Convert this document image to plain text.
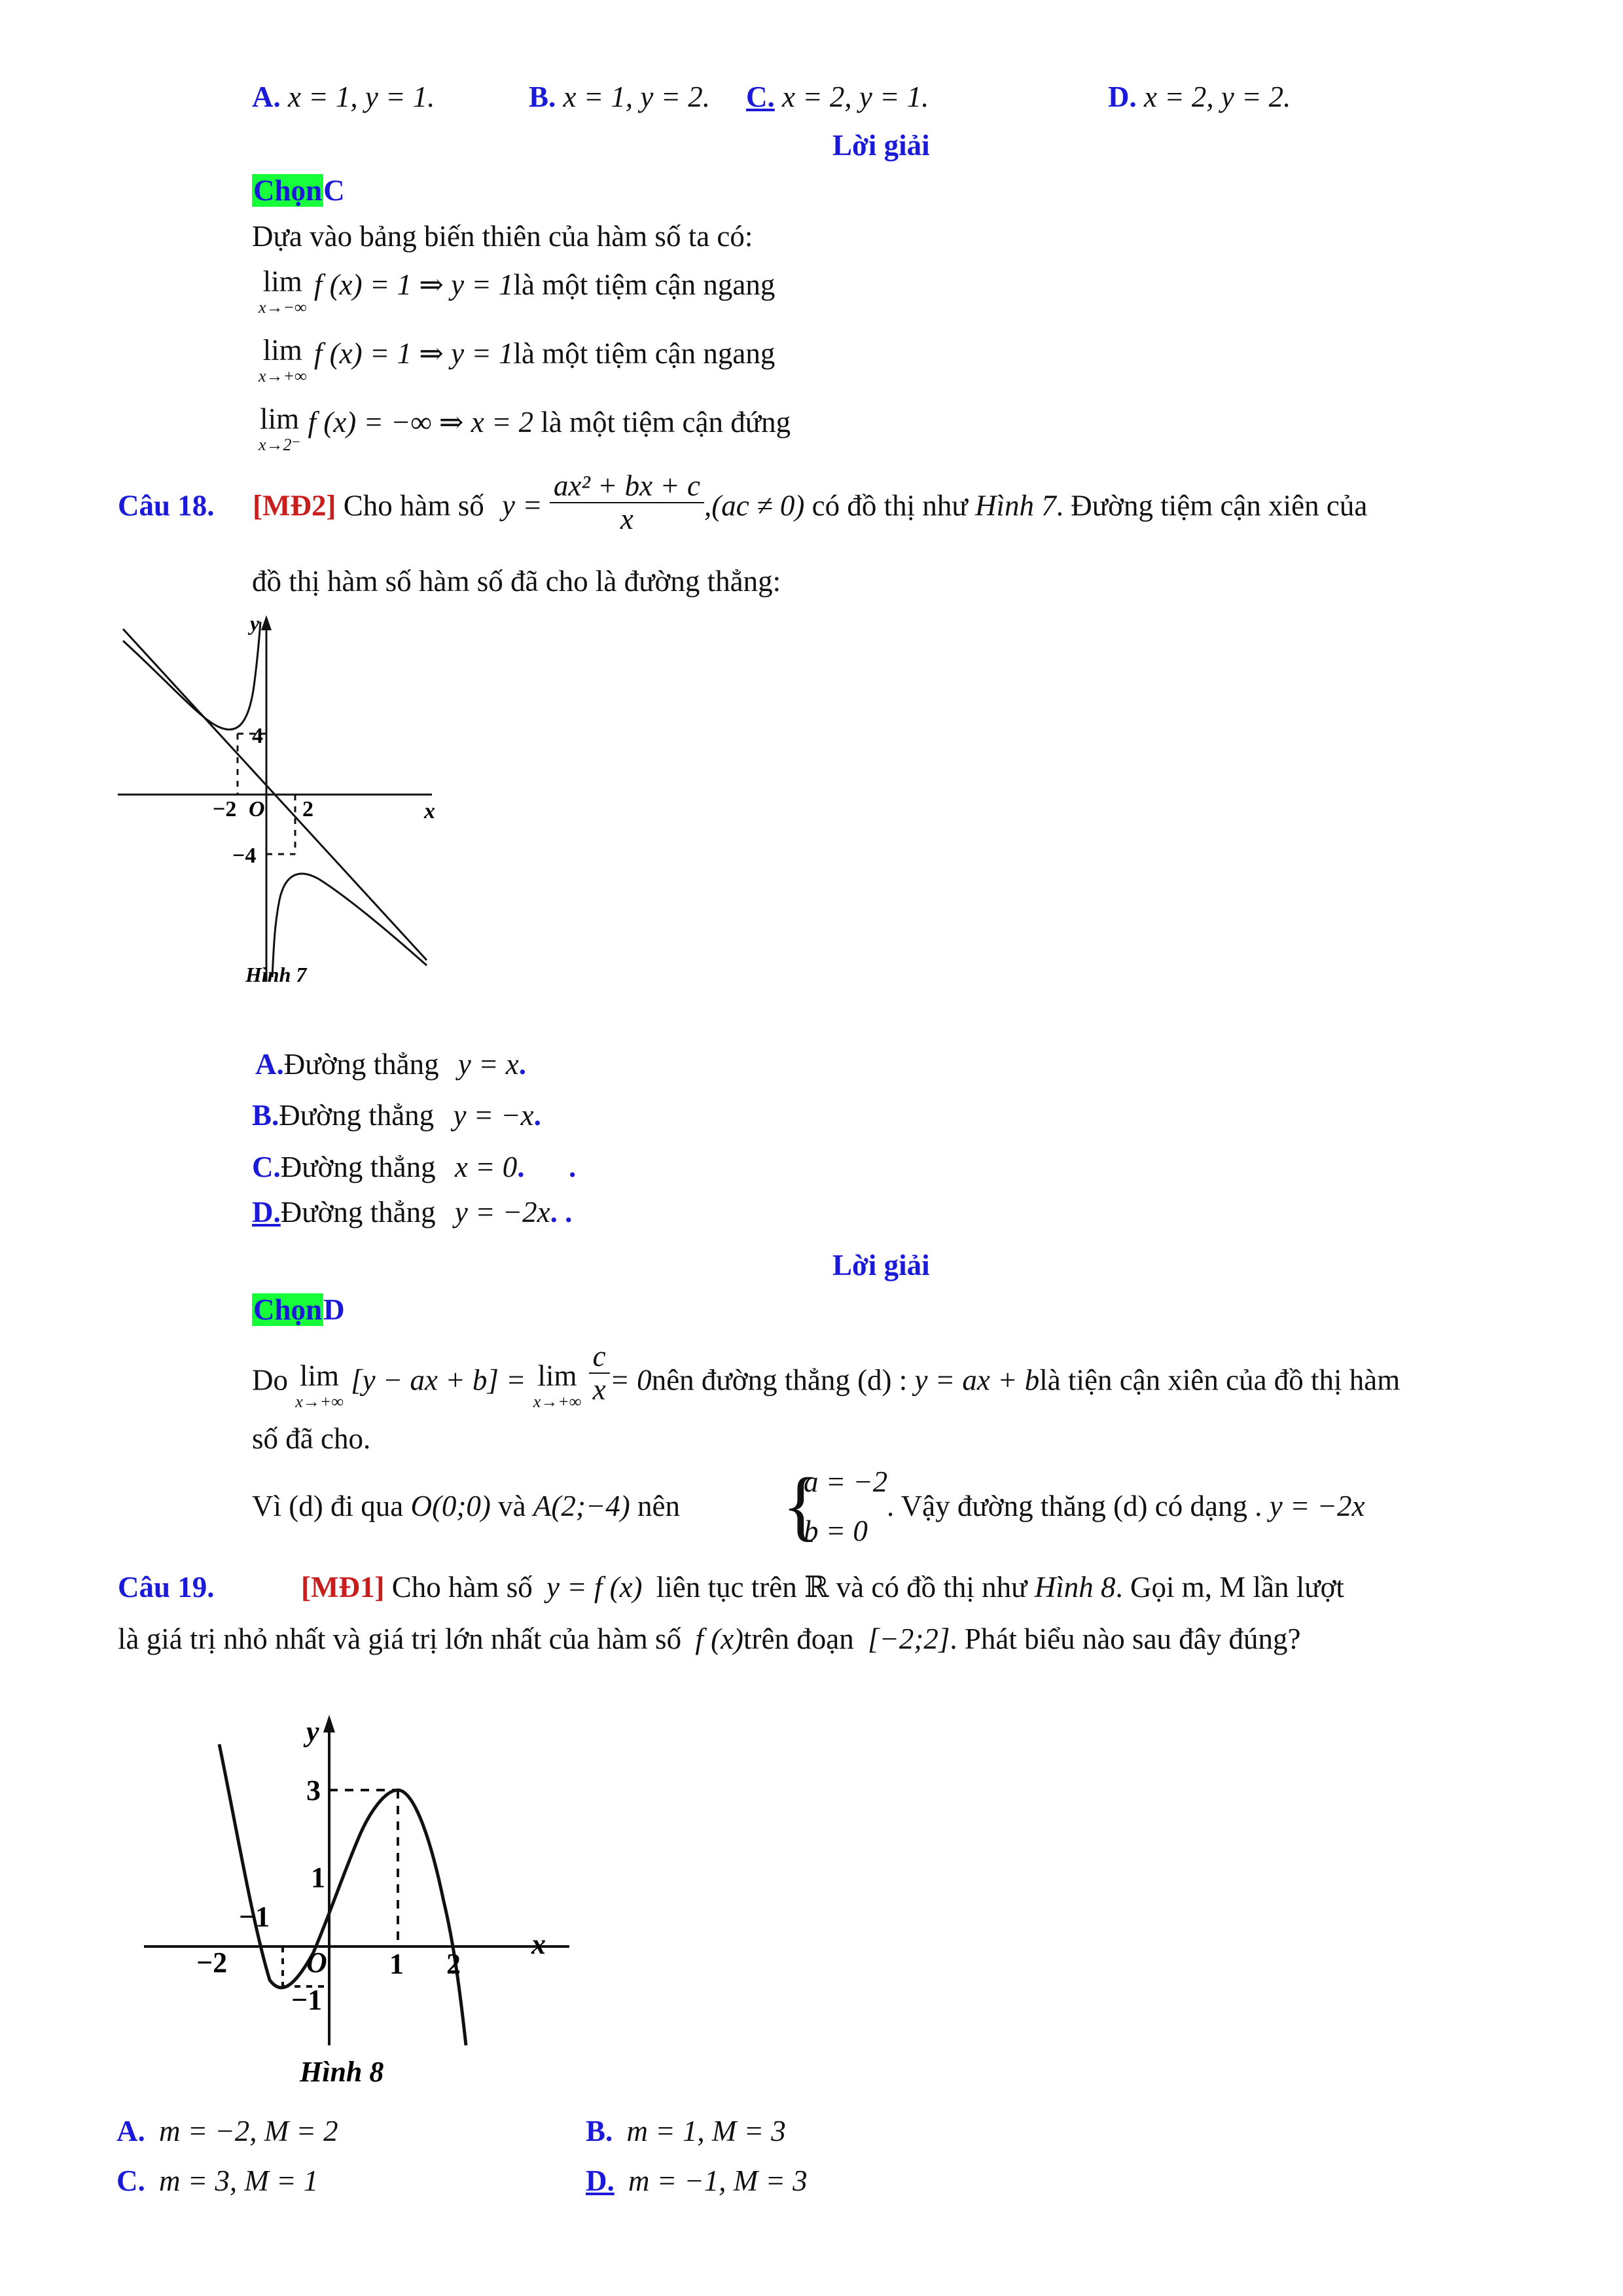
A. x = 1, y = 1.	B. x = 1, y = 2. C. x = 2, y = 1.	D. x = 2, y = 2.
Lời giải
ChọnC
Dựa vào bảng biến thiên của hàm số ta có:
lim
x→−∞
f (x) = 1 ⇒ y = 1là một tiệm cận ngang
lim
x→+∞
f (x) = 1 ⇒ y = 1là một tiệm cận ngang
lim
x→2⁻
f (x) = −∞ ⇒ x = 2 là một tiệm cận đứng
Câu 18. [MĐ2] Cho hàm số $y = \frac{\text{ax² + bx + c}}{x} ,(ac \ne 0)$ có đồ thị như Hình 7. Đường tiệm cận xiên của
đồ thị hàm số hàm số đã cho là đường thẳng:
y
x
O
−2	2
4
−4
Hình 7
A.Đường thẳng y = x.
B.Đường thẳng y = −x.
C.Đường thẳng x = 0.      .
D.Đường thẳng y = −2x. .
Lời giải
ChọnD
Do lim
x→+∞
[y − ax + b] = lim
x→+∞
$\frac{c}{x}$ = 0nên đường thẳng (d) : y = ax + blà tiện cận xiên của đồ thị hàm
số đã cho.
Vì (d) đi qua O(0;0) và A(2;−4) nên {
a = −2
b = 0
. Vậy đường thăng (d) có dạng . y = −2x
Câu 19.	[MĐ1] Cho hàm số y = f (x) liên tục trên ℝ và có đồ thị như Hình 8. Gọi m, M lần lượt
là giá trị nhỏ nhất và giá trị lớn nhất của hàm số f (x)trên đoạn [−2;2]. Phát biểu nào sau đây đúng?
y
x
O
3
1
−1
−2	1 2
−1
Hình 8
A. m = −2, M = 2	B. m = 1, M = 3
C. m = 3, M = 1	D. m = −1, M = 3
